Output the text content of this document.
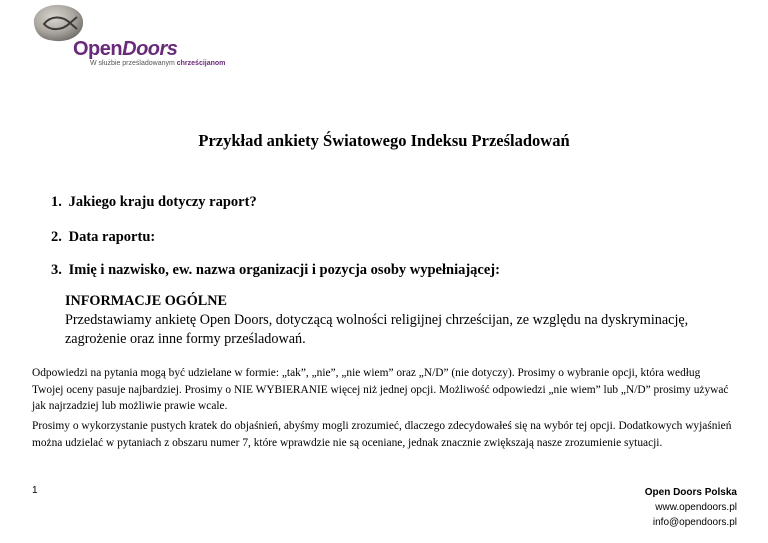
OpenDoors
W służbie prześladowanym chrześcijanom
Przykład ankiety Światowego Indeksu Prześladowań
1. Jakiego kraju dotyczy raport?
2. Data raportu:
3. Imię i nazwisko, ew. nazwa organizacji i pozycja osoby wypełniającej:
INFORMACJE OGÓLNE
Przedstawiamy ankietę Open Doors, dotyczącą wolności religijnej chrześcijan, ze względu na dyskryminację, zagrożenie oraz inne formy prześladowań.
Odpowiedzi na pytania mogą być udzielane w formie: „tak”, „nie”, „nie wiem” oraz „N/D” (nie dotyczy). Prosimy o wybranie opcji, która według Twojej oceny pasuje najbardziej. Prosimy o NIE WYBIERANIE więcej niż jednej opcji. Możliwość odpowiedzi „nie wiem” lub „N/D” prosimy używać jak najrzadziej lub możliwie prawie wcale.
Prosimy o wykorzystanie pustych kratek do objaśnień, abyśmy mogli zrozumieć, dlaczego zdecydowałeś się na wybór tej opcji. Dodatkowych wyjaśnień można udzielać w pytaniach z obszaru numer 7, które wprawdzie nie są oceniane, jednak znacznie zwiększają nasze zrozumienie sytuacji.
1	Open Doors Polska
www.opendoors.pl
info@opendoors.pl
